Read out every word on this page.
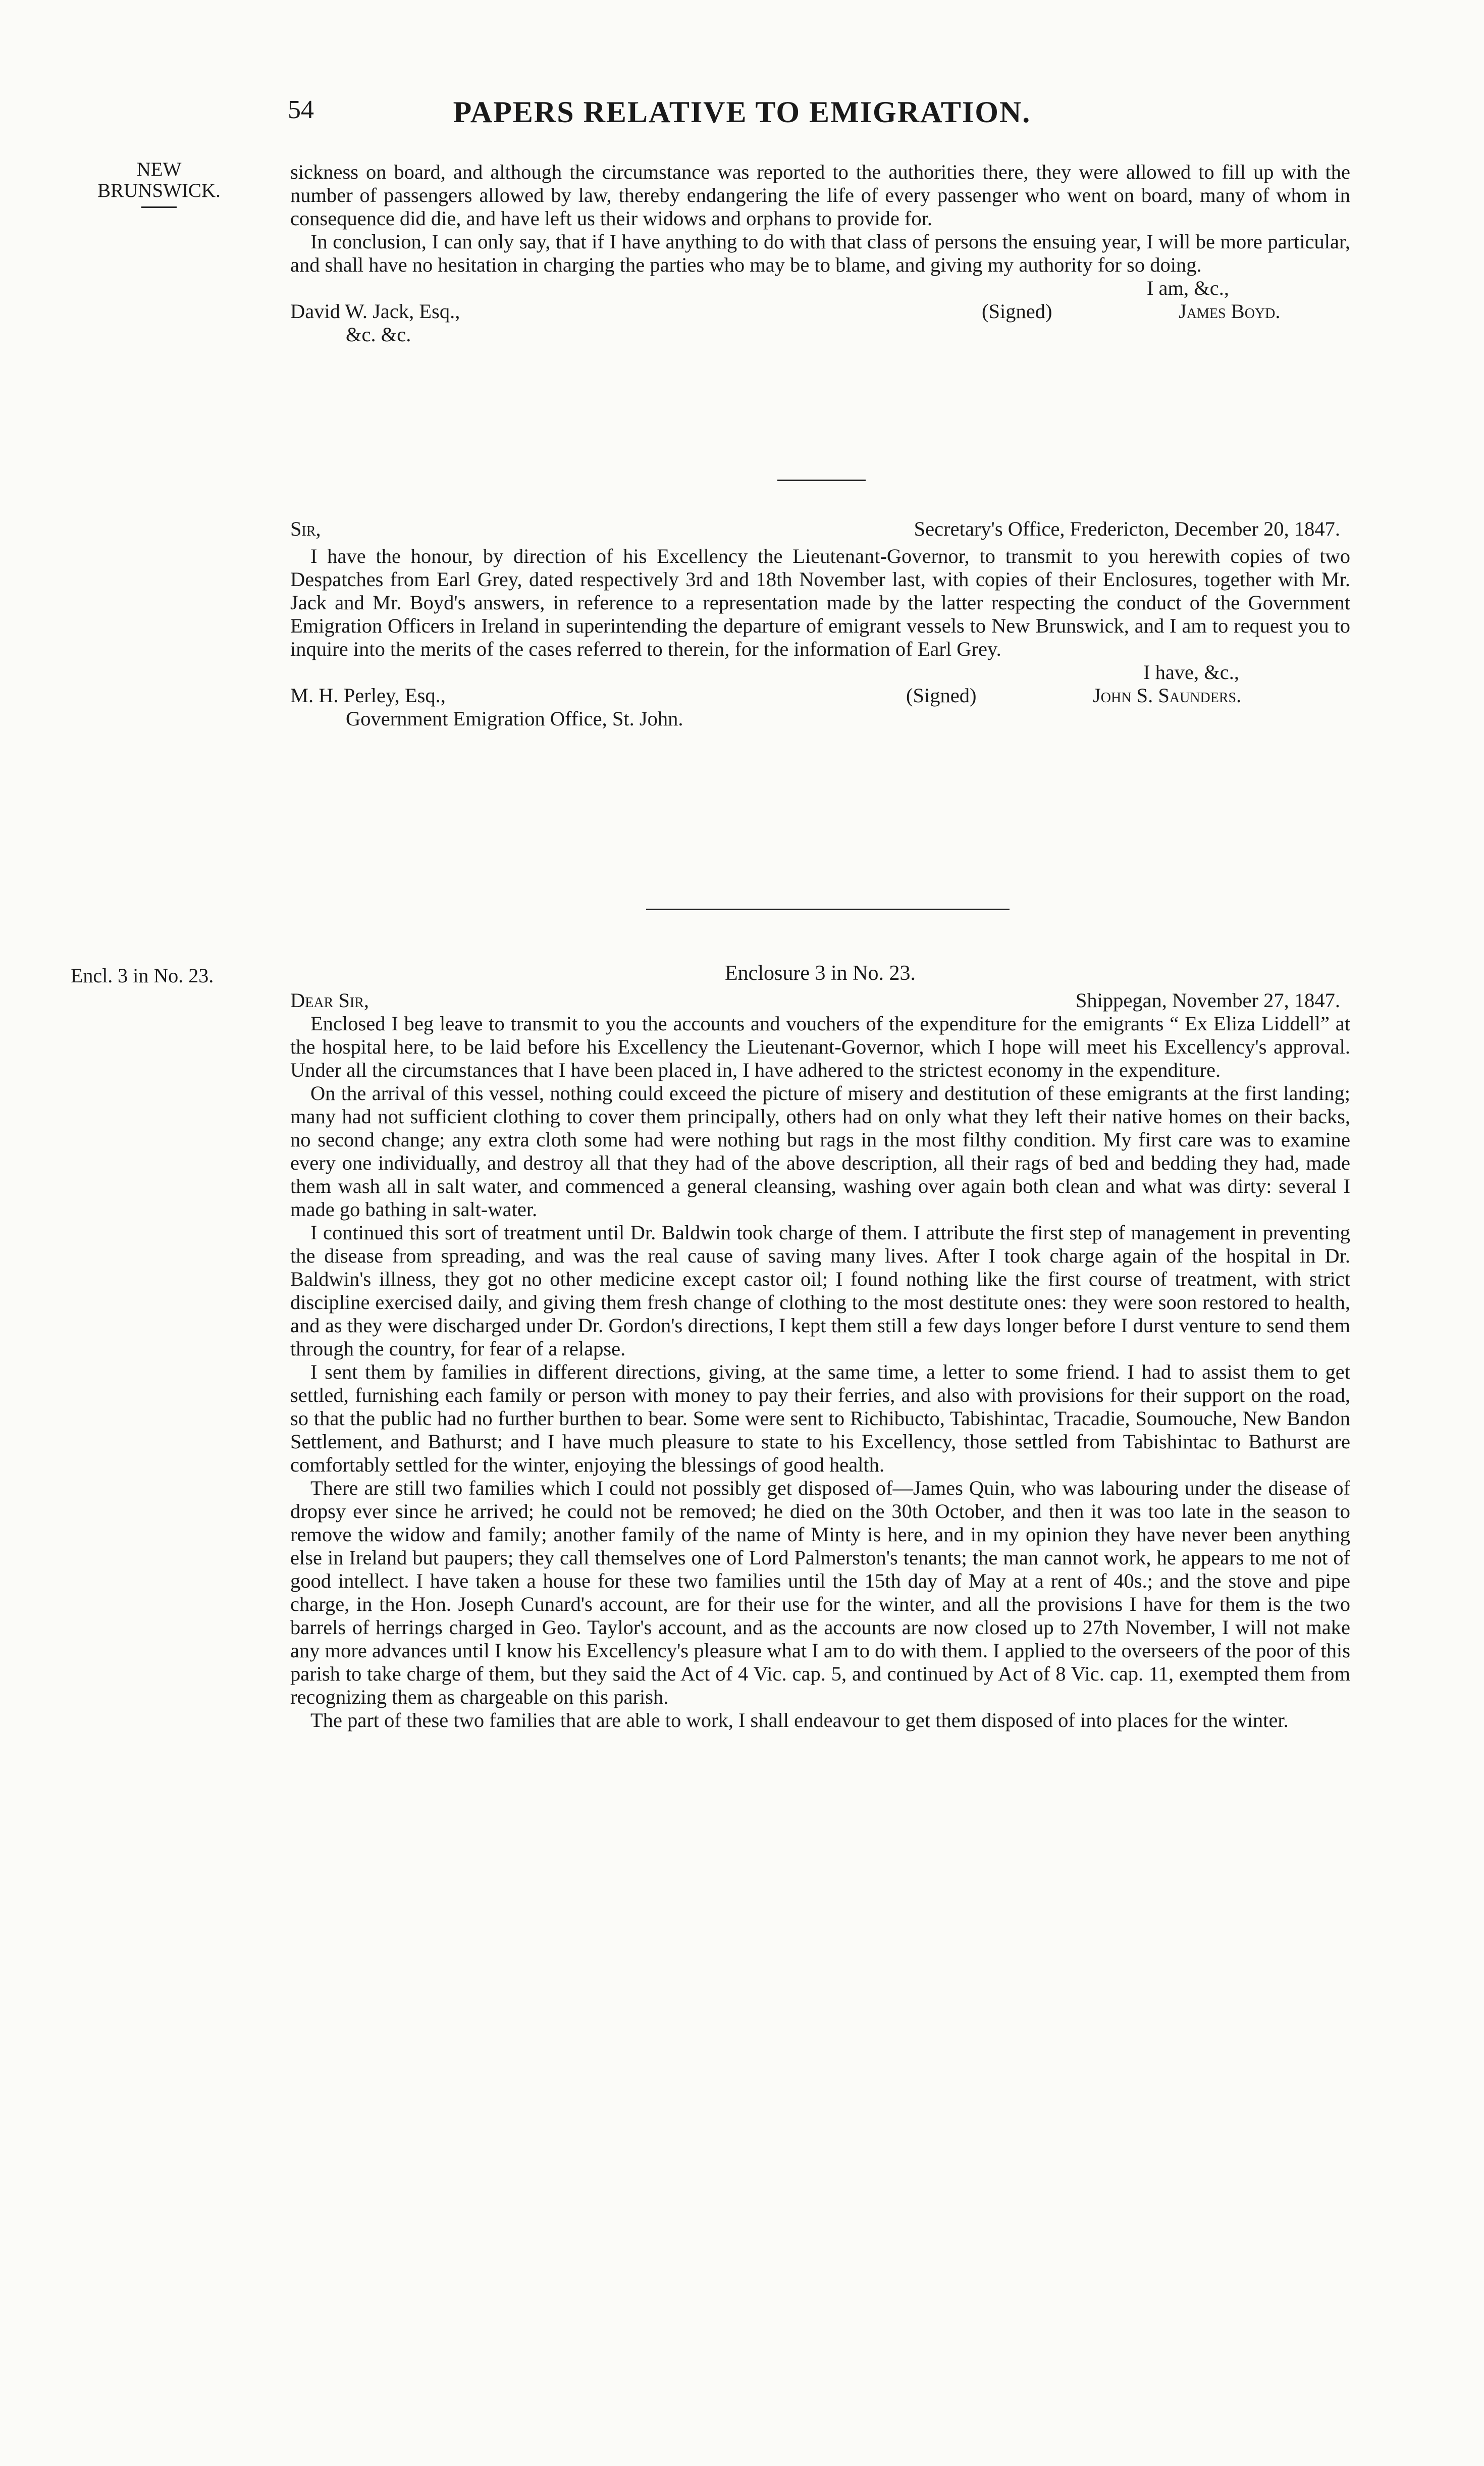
54	PAPERS RELATIVE TO EMIGRATION.
NEW
BRUNSWICK.
Encl. 3 in No. 23.

sickness on board, and although the circumstance was reported to the authorities there, they were allowed to fill up with the number of passengers allowed by law, thereby endangering the life of every passenger who went on board, many of whom in consequence did die, and have left us their widows and orphans to provide for.

In conclusion, I can only say, that if I have anything to do with that class of persons the ensuing year, I will be more particular, and shall have no hesitation in charging the parties who may be to blame, and giving my authority for so doing.

I am, &c.,
David W. Jack, Esq.,	(Signed)	James Boyd.
&c. &c.
Sir,	Secretary's Office, Fredericton, December 20, 1847.

I have the honour, by direction of his Excellency the Lieutenant-Governor, to transmit to you herewith copies of two Despatches from Earl Grey, dated respectively 3rd and 18th November last, with copies of their Enclosures, together with Mr. Jack and Mr. Boyd's answers, in reference to a representation made by the latter respecting the conduct of the Government Emigration Officers in Ireland in superintending the departure of emigrant vessels to New Brunswick, and I am to request you to inquire into the merits of the cases referred to therein, for the information of Earl Grey.

I have, &c.,
M. H. Perley, Esq.,	(Signed)	John S. Saunders.
Government Emigration Office, St. John.
Enclosure 3 in No. 23.
Dear Sir,	Shippegan, November 27, 1847.

Enclosed I beg leave to transmit to you the accounts and vouchers of the expenditure for the emigrants “ Ex Eliza Liddell” at the hospital here, to be laid before his Excellency the Lieutenant-Governor, which I hope will meet his Excellency's approval. Under all the circumstances that I have been placed in, I have adhered to the strictest economy in the expenditure.

On the arrival of this vessel, nothing could exceed the picture of misery and destitution of these emigrants at the first landing; many had not sufficient clothing to cover them principally, others had on only what they left their native homes on their backs, no second change; any extra cloth some had were nothing but rags in the most filthy condition. My first care was to examine every one individually, and destroy all that they had of the above description, all their rags of bed and bedding they had, made them wash all in salt water, and commenced a general cleansing, washing over again both clean and what was dirty: several I made go bathing in salt-water.

I continued this sort of treatment until Dr. Baldwin took charge of them. I attribute the first step of management in preventing the disease from spreading, and was the real cause of saving many lives. After I took charge again of the hospital in Dr. Baldwin's illness, they got no other medicine except castor oil; I found nothing like the first course of treatment, with strict discipline exercised daily, and giving them fresh change of clothing to the most destitute ones: they were soon restored to health, and as they were discharged under Dr. Gordon's directions, I kept them still a few days longer before I durst venture to send them through the country, for fear of a relapse.

I sent them by families in different directions, giving, at the same time, a letter to some friend. I had to assist them to get settled, furnishing each family or person with money to pay their ferries, and also with provisions for their support on the road, so that the public had no further burthen to bear. Some were sent to Richibucto, Tabishintac, Tracadie, Soumouche, New Bandon Settlement, and Bathurst; and I have much pleasure to state to his Excellency, those settled from Tabishintac to Bathurst are comfortably settled for the winter, enjoying the blessings of good health.

There are still two families which I could not possibly get disposed of—James Quin, who was labouring under the disease of dropsy ever since he arrived; he could not be removed; he died on the 30th October, and then it was too late in the season to remove the widow and family; another family of the name of Minty is here, and in my opinion they have never been anything else in Ireland but paupers; they call themselves one of Lord Palmerston's tenants; the man cannot work, he appears to me not of good intellect. I have taken a house for these two families until the 15th day of May at a rent of 40s.; and the stove and pipe charge, in the Hon. Joseph Cunard's account, are for their use for the winter, and all the provisions I have for them is the two barrels of herrings charged in Geo. Taylor's account, and as the accounts are now closed up to 27th November, I will not make any more advances until I know his Excellency's pleasure what I am to do with them. I applied to the overseers of the poor of this parish to take charge of them, but they said the Act of 4 Vic. cap. 5, and continued by Act of 8 Vic. cap. 11, exempted them from recognizing them as chargeable on this parish.

The part of these two families that are able to work, I shall endeavour to get them disposed of into places for the winter.
